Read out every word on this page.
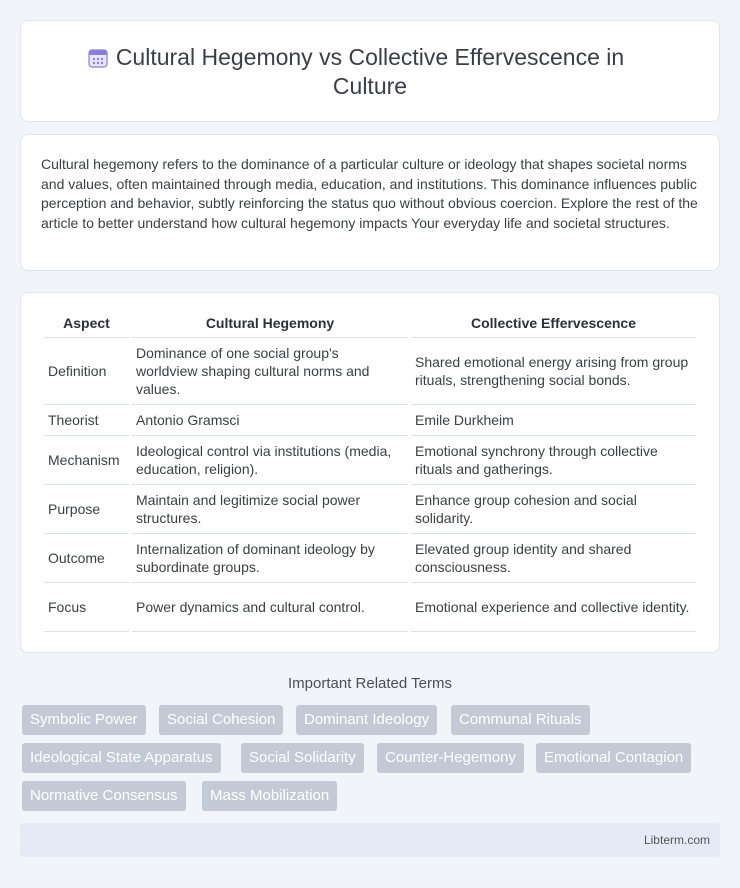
Cultural Hegemony vs Collective Effervescence in Culture

Cultural hegemony refers to the dominance of a particular culture or ideology that shapes societal norms and values, often maintained through media, education, and institutions. This dominance influences public perception and behavior, subtly reinforcing the status quo without obvious coercion. Explore the rest of the article to better understand how cultural hegemony impacts Your everyday life and societal structures.

Aspect	Cultural Hegemony	Collective Effervescence
Definition	Dominance of one social group's worldview shaping cultural norms and values.	Shared emotional energy arising from group rituals, strengthening social bonds.
Theorist	Antonio Gramsci	Emile Durkheim
Mechanism	Ideological control via institutions (media, education, religion).	Emotional synchrony through collective rituals and gatherings.
Purpose	Maintain and legitimize social power structures.	Enhance group cohesion and social solidarity.
Outcome	Internalization of dominant ideology by subordinate groups.	Elevated group identity and shared consciousness.
Focus	Power dynamics and cultural control.	Emotional experience and collective identity.
Important Related Terms
Symbolic Power	Social Cohesion	Dominant Ideology	Communal Rituals
Ideological State Apparatus	Social Solidarity	Counter-Hegemony	Emotional Contagion
Normative Consensus	Mass Mobilization
Libterm.com
